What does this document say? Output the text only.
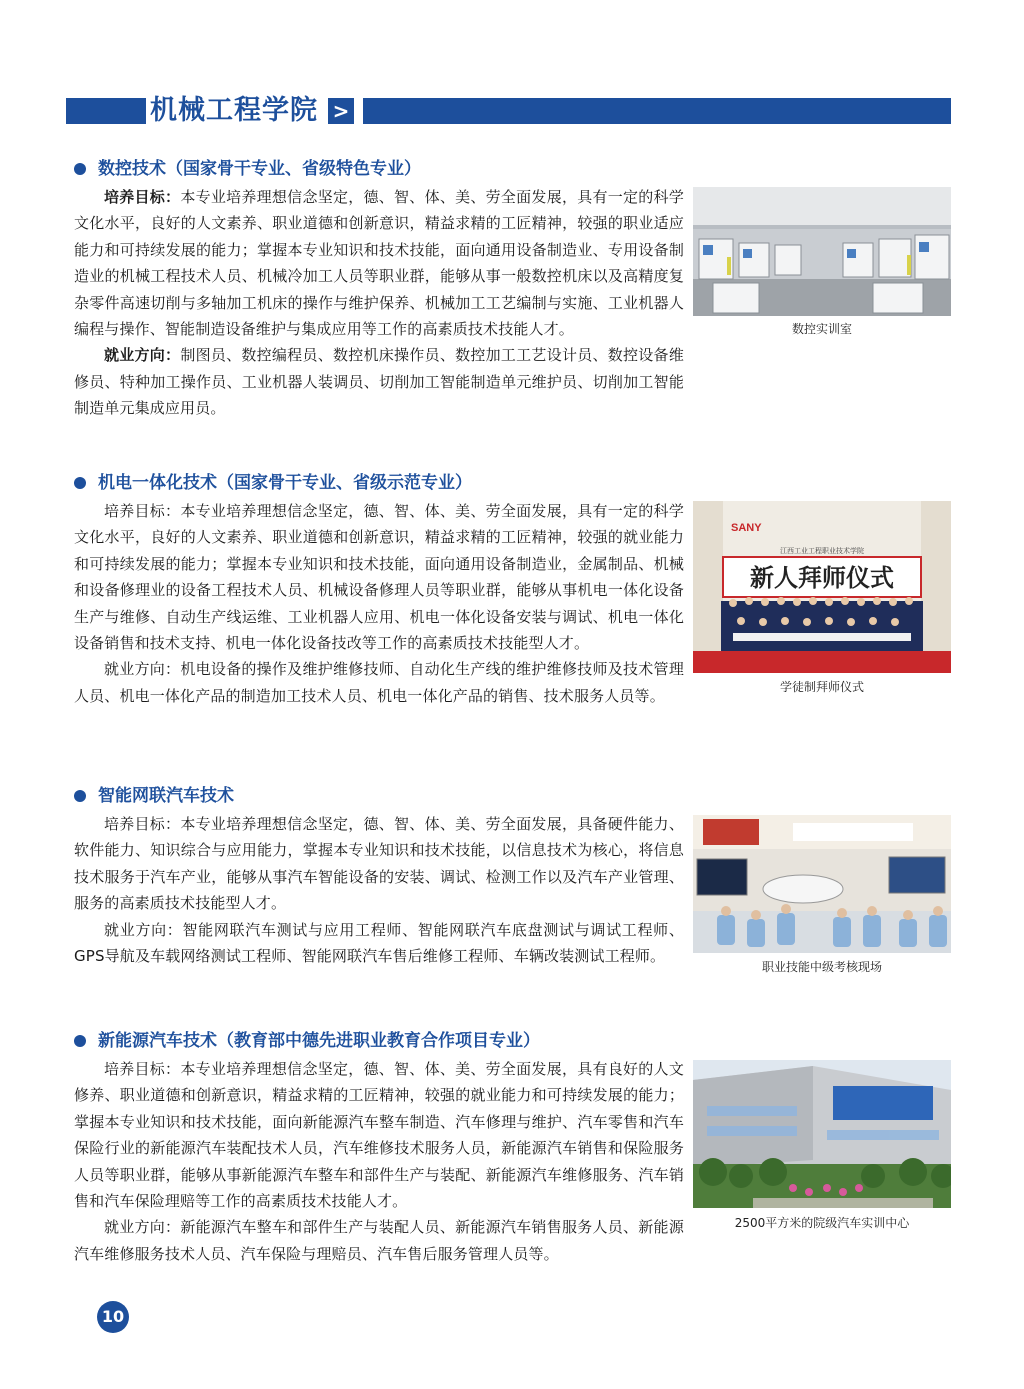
机械工程学院 >
数控技术（国家骨干专业、省级特色专业）

培养目标：本专业培养理想信念坚定，德、智、体、美、劳全面发展，具有一定的科学文化水平，良好的人文素养、职业道德和创新意识，精益求精的工匠精神，较强的职业适应能力和可持续发展的能力；掌握本专业知识和技术技能，面向通用设备制造业、专用设备制造业的机械工程技术人员、机械冷加工人员等职业群，能够从事一般数控机床以及高精度复杂零件高速切削与多轴加工机床的操作与维护保养、机械加工工艺编制与实施、工业机器人编程与操作、智能制造设备维护与集成应用等工作的高素质技术技能人才。

就业方向：制图员、数控编程员、数控机床操作员、数控加工工艺设计员、数控设备维修员、特种加工操作员、工业机器人装调员、切削加工智能制造单元维护员、切削加工智能制造单元集成应用员。

机电一体化技术（国家骨干专业、省级示范专业）

培养目标：本专业培养理想信念坚定，德、智、体、美、劳全面发展，具有一定的科学文化水平，良好的人文素养、职业道德和创新意识，精益求精的工匠精神，较强的就业能力和可持续发展的能力；掌握本专业知识和技术技能，面向通用设备制造业，金属制品、机械和设备修理业的设备工程技术人员、机械设备修理人员等职业群，能够从事机电一体化设备生产与维修、自动生产线运维、工业机器人应用、机电一体化设备安装与调试、机电一体化设备销售和技术支持、机电一体化设备技改等工作的高素质技术技能型人才。

就业方向：机电设备的操作及维护维修技师、自动化生产线的维护维修技师及技术管理人员、机电一体化产品的制造加工技术人员、机电一体化产品的销售、技术服务人员等。

智能网联汽车技术

培养目标：本专业培养理想信念坚定，德、智、体、美、劳全面发展，具备硬件能力、软件能力、知识综合与应用能力，掌握本专业知识和技术技能，以信息技术为核心，将信息技术服务于汽车产业，能够从事汽车智能设备的安装、调试、检测工作以及汽车产业管理、服务的高素质技术技能型人才。

就业方向：智能网联汽车测试与应用工程师、智能网联汽车底盘测试与调试工程师、GPS导航及车载网络测试工程师、智能网联汽车售后维修工程师、车辆改装测试工程师。

新能源汽车技术（教育部中德先进职业教育合作项目专业）

培养目标：本专业培养理想信念坚定，德、智、体、美、劳全面发展，具有良好的人文修养、职业道德和创新意识，精益求精的工匠精神，较强的就业能力和可持续发展的能力；掌握本专业知识和技术技能，面向新能源汽车整车制造、汽车修理与维护、汽车零售和汽车保险行业的新能源汽车装配技术人员，汽车维修技术服务人员，新能源汽车销售和保险服务人员等职业群，能够从事新能源汽车整车和部件生产与装配、新能源汽车维修服务、汽车销售和汽车保险理赔等工作的高素质技术技能人才。

就业方向：新能源汽车整车和部件生产与装配人员、新能源汽车销售服务人员、新能源汽车维修服务技术人员、汽车保险与理赔员、汽车售后服务管理人员等。

数控实训室
SANY
江西工业工程职业技术学院
新人拜师仪式
学徒制拜师仪式
职业技能中级考核现场
2500平方米的院级汽车实训中心
10
